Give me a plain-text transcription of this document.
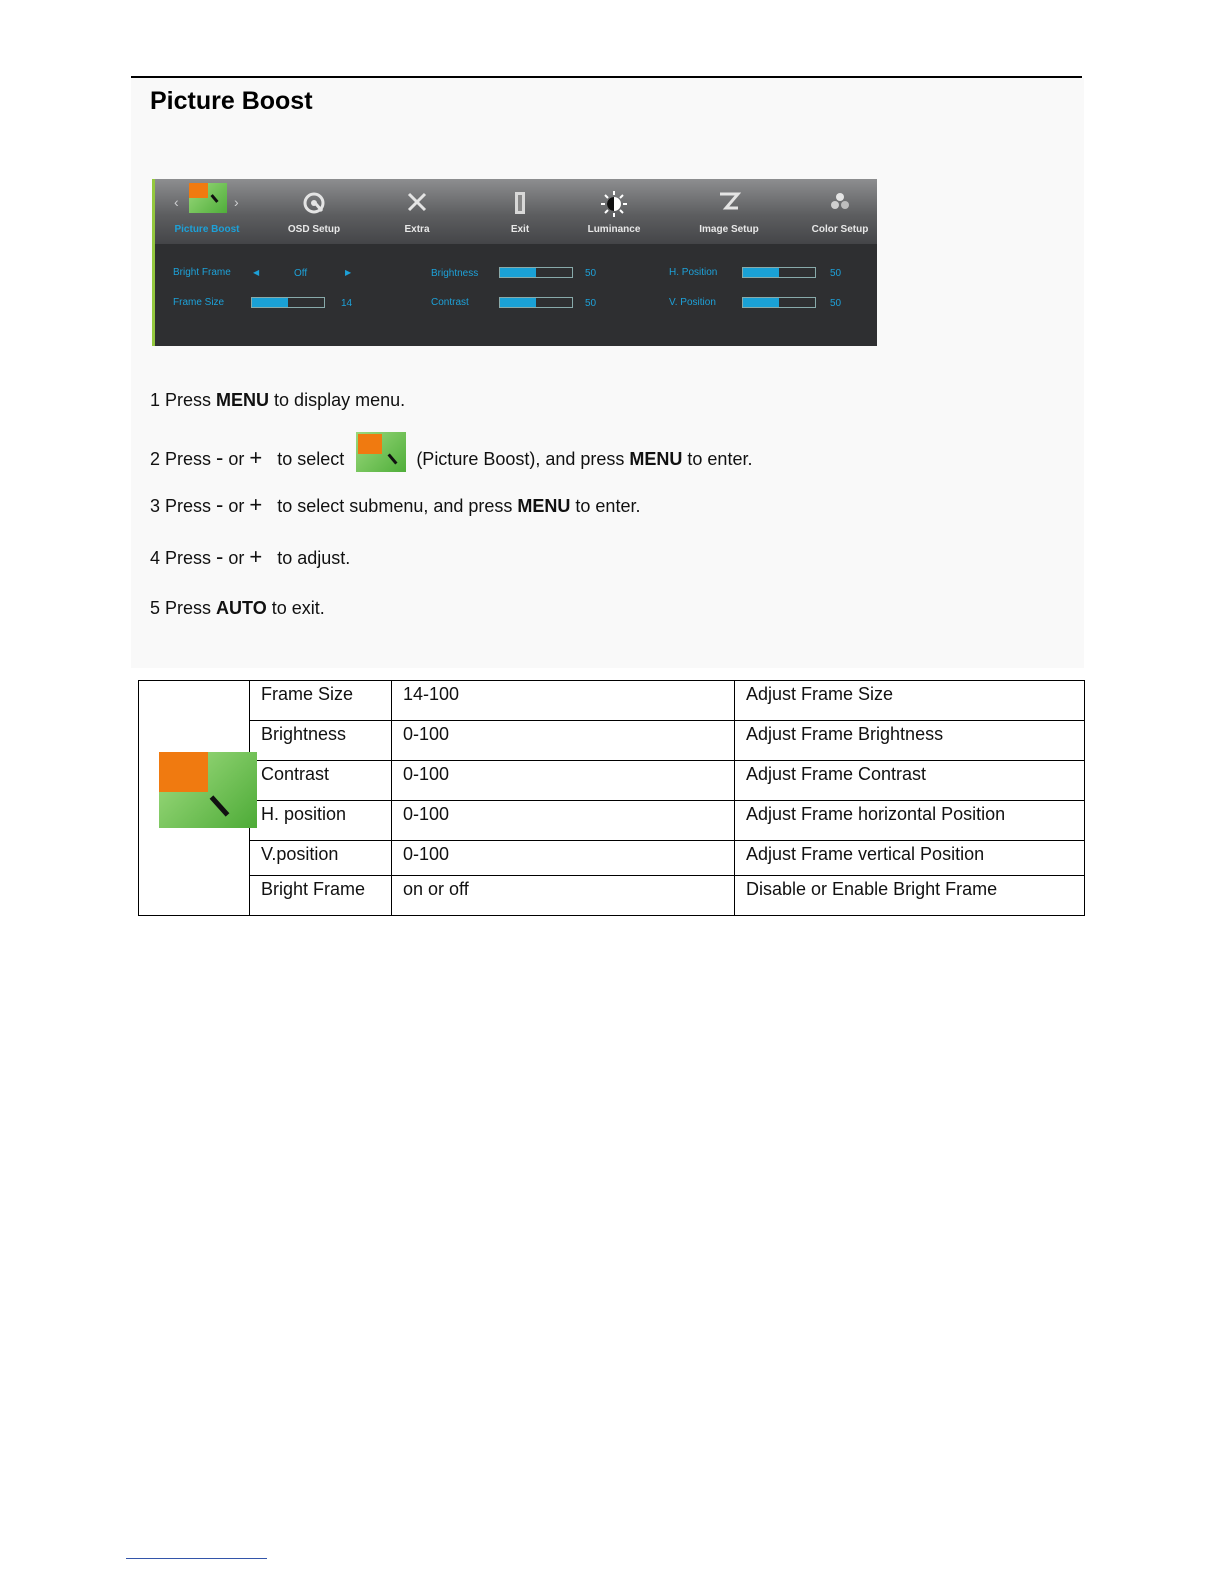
Picture Boost
‹	›
Picture Boost	OSD Setup	Extra	Exit	Luminance	Image Setup	Color Setup
Bright Frame	◀	Off	▶
Frame Size	14
Brightness	50
Contrast	50
H. Position	50
V. Position	50
1 Press MENU to display menu.
2 Press - or + to select	(Picture Boost), and press MENU to enter.
3 Press - or + to select submenu, and press MENU to enter.
4 Press - or + to adjust.
5 Press AUTO to exit.
	Frame Size	14-100	Adjust Frame Size
	Brightness	0-100	Adjust Frame Brightness
	Contrast	0-100	Adjust Frame Contrast
	H. position	0-100	Adjust Frame horizontal Position
	V.position	0-100	Adjust Frame vertical Position
	Bright Frame	on or off	Disable or Enable Bright Frame
